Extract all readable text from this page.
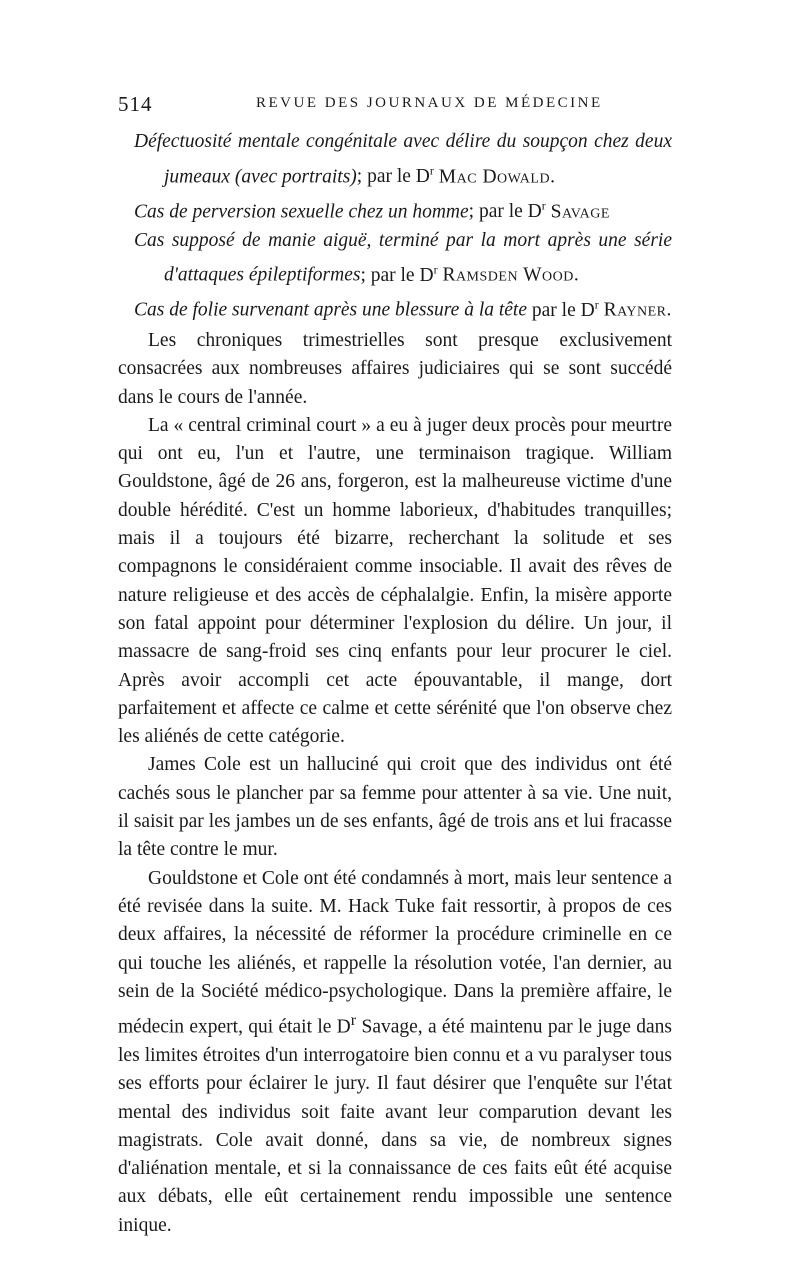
514	REVUE DES JOURNAUX DE MÉDECINE
Défectuosité mentale congénitale avec délire du soupçon chez deux jumeaux (avec portraits); par le $D^r$ Mac Dowald.
Cas de perversion sexuelle chez un homme; par le $D^r$ Savage
Cas supposé de manie aiguë, terminé par la mort après une série d'attaques épileptiformes; par le $D^r$ Ramsden Wood.
Cas de folie survenant après une blessure à la tête par le $D^r$ Rayner.

Les chroniques trimestrielles sont presque exclusivement consacrées aux nombreuses affaires judiciaires qui se sont succédé dans le cours de l'année.

La « central criminal court » a eu à juger deux procès pour meurtre qui ont eu, l'un et l'autre, une terminaison tragique. William Gouldstone, âgé de 26 ans, forgeron, est la malheureuse victime d'une double hérédité. C'est un homme laborieux, d'habitudes tranquilles; mais il a toujours été bizarre, recherchant la solitude et ses compagnons le considéraient comme insociable. Il avait des rêves de nature religieuse et des accès de céphalalgie. Enfin, la misère apporte son fatal appoint pour déterminer l'explosion du délire. Un jour, il massacre de sang-froid ses cinq enfants pour leur procurer le ciel. Après avoir accompli cet acte épouvantable, il mange, dort parfaitement et affecte ce calme et cette sérénité que l'on observe chez les aliénés de cette catégorie.

James Cole est un halluciné qui croit que des individus ont été cachés sous le plancher par sa femme pour attenter à sa vie. Une nuit, il saisit par les jambes un de ses enfants, âgé de trois ans et lui fracasse la tête contre le mur.

Gouldstone et Cole ont été condamnés à mort, mais leur sentence a été revisée dans la suite. M. Hack Tuke fait ressortir, à propos de ces deux affaires, la nécessité de réformer la procédure criminelle en ce qui touche les aliénés, et rappelle la résolution votée, l'an dernier, au sein de la Société médico-psychologique. Dans la première affaire, le médecin expert, qui était le $D^r$ Savage, a été maintenu par le juge dans les limites étroites d'un interrogatoire bien connu et a vu paralyser tous ses efforts pour éclairer le jury. Il faut désirer que l'enquête sur l'état mental des individus soit faite avant leur comparution devant les magistrats. Cole avait donné, dans sa vie, de nombreux signes d'aliénation mentale, et si la connaissance de ces faits eût été acquise aux débats, elle eût certainement rendu impossible une sentence inique.
